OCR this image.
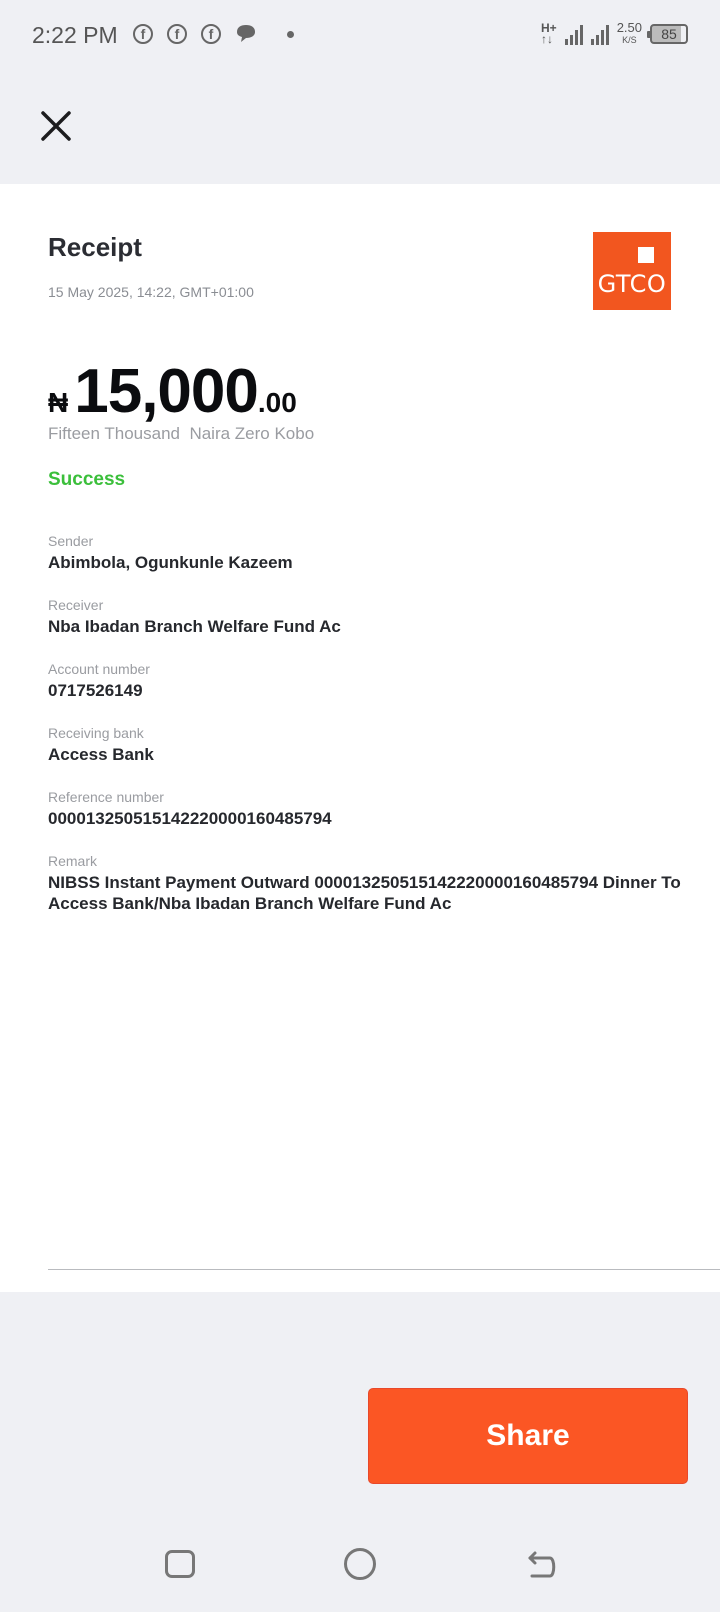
2:22 PM	f	f	f	H+
↑↓
2.50
K/S	85
Receipt
15 May 2025, 14:22, GMT+01:00	GTCO
₦ 15,000 .00
Fifteen Thousand  Naira Zero Kobo
Success
Sender
Abimbola, Ogunkunle Kazeem
Receiver
Nba Ibadan Branch Welfare Fund Ac
Account number
0717526149
Receiving bank
Access Bank
Reference number
000013250515142220000160485794
Remark
NIBSS Instant Payment Outward 000013250515142220000160485794 Dinner To Access Bank/Nba Ibadan Branch Welfare Fund Ac
Share
